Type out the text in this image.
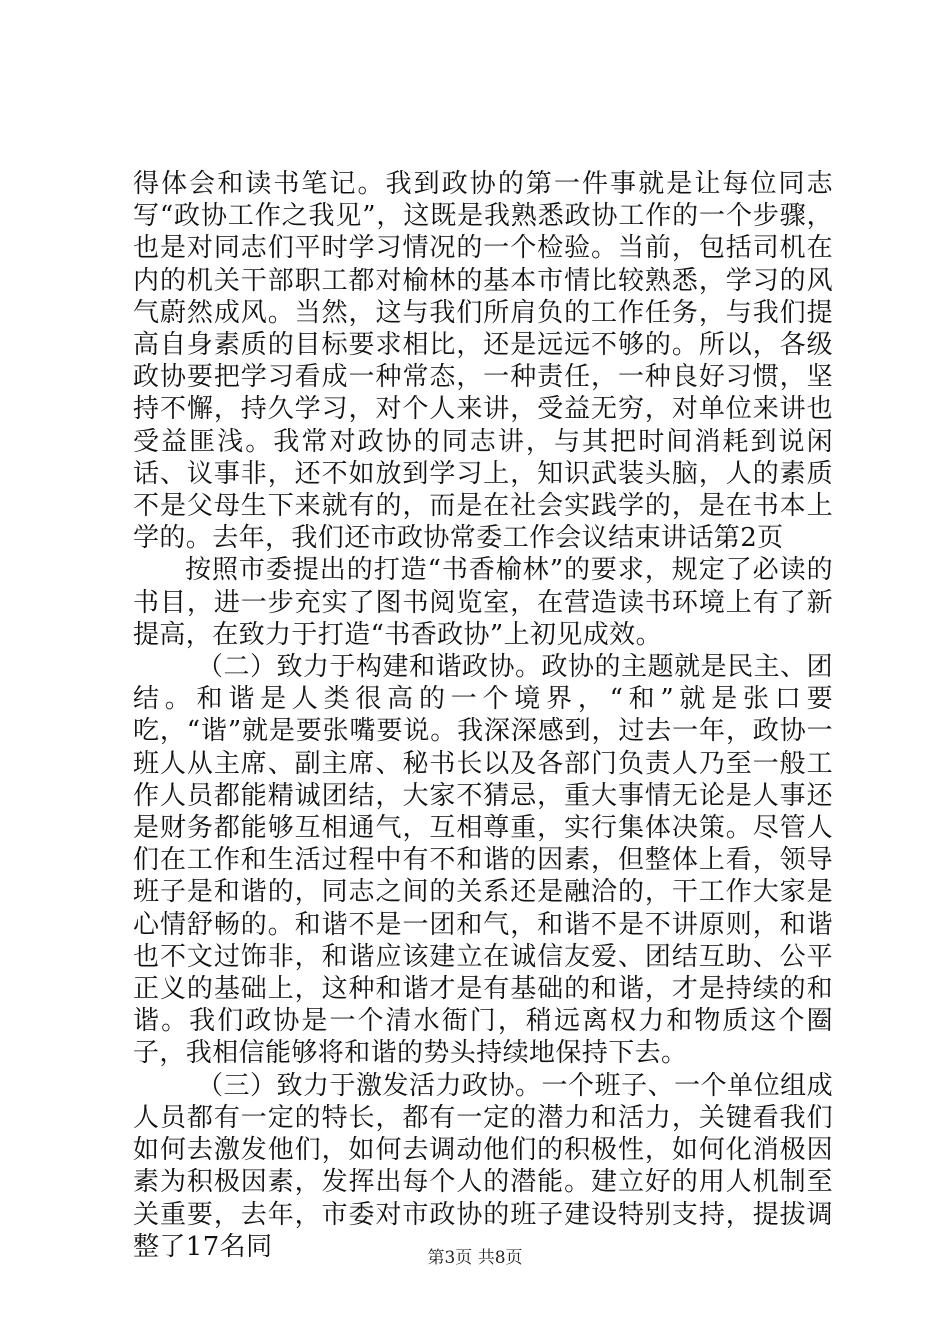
得体会和读书笔记。我到政协的第一件事就是让每位同志写“政协工作之我见”，这既是我熟悉政协工作的一个步骤，也是对同志们平时学习情况的一个检验。当前，包括司机在内的机关干部职工都对榆林的基本市情比较熟悉，学习的风气蔚然成风。当然，这与我们所肩负的工作任务，与我们提高自身素质的目标要求相比，还是远远不够的。所以，各级政协要把学习看成一种常态，一种责任，一种良好习惯，坚持不懈，持久学习，对个人来讲，受益无穷，对单位来讲也受益匪浅。我常对政协的同志讲，与其把时间消耗到说闲话、议事非，还不如放到学习上，知识武装头脑，人的素质不是父母生下来就有的，而是在社会实践学的，是在书本上学的。去年，我们还市政协常委工作会议结束讲话第2页

按照市委提出的打造“书香榆林”的要求，规定了必读的书目，进一步充实了图书阅览室，在营造读书环境上有了新提高，在致力于打造“书香政协”上初见成效。

（二）致力于构建和谐政协。政协的主题就是民主、团结。和谐是人类很高的一个境界，“和”就是张口要吃，“谐”就是要张嘴要说。我深深感到，过去一年，政协一班人从主席、副主席、秘书长以及各部门负责人乃至一般工作人员都能精诚团结，大家不猜忌，重大事情无论是人事还是财务都能够互相通气，互相尊重，实行集体决策。尽管人们在工作和生活过程中有不和谐的因素，但整体上看，领导班子是和谐的，同志之间的关系还是融洽的，干工作大家是心情舒畅的。和谐不是一团和气，和谐不是不讲原则，和谐也不文过饰非，和谐应该建立在诚信友爱、团结互助、公平正义的基础上，这种和谐才是有基础的和谐，才是持续的和谐。我们政协是一个清水衙门，稍远离权力和物质这个圈子，我相信能够将和谐的势头持续地保持下去。

（三）致力于激发活力政协。一个班子、一个单位组成人员都有一定的特长，都有一定的潜力和活力，关键看我们如何去激发他们，如何去调动他们的积极性，如何化消极因素为积极因素，发挥出每个人的潜能。建立好的用人机制至关重要，去年，市委对市政协的班子建设特别支持，提拔调整了17名同	第3页 共8页
